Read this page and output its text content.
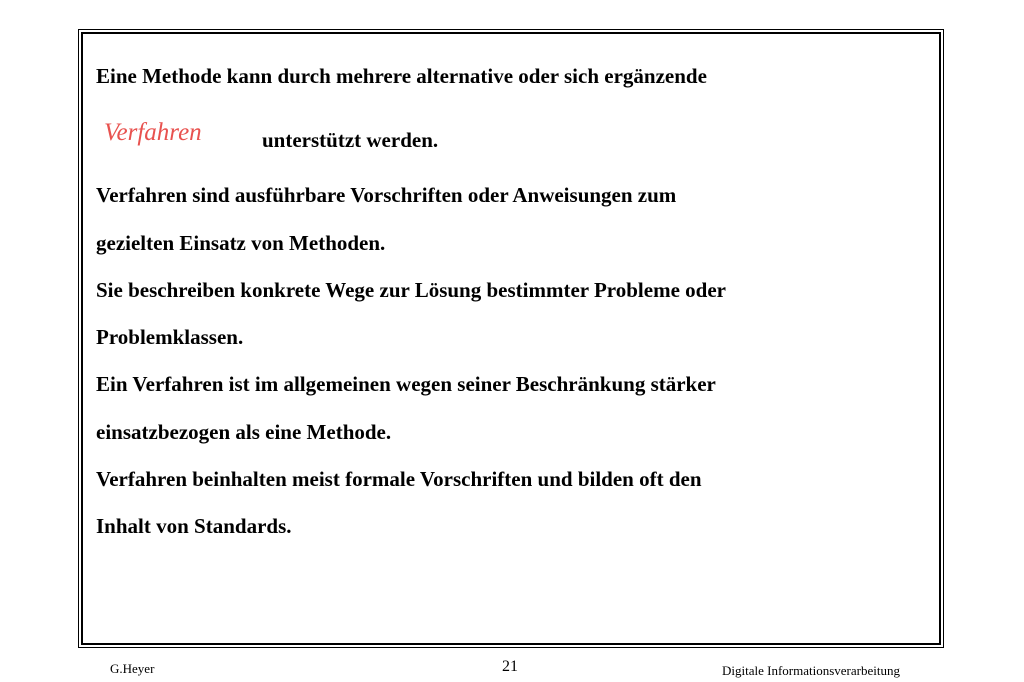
Eine Methode kann durch mehrere alternative oder sich ergänzende
Verfahren	unterstützt werden.
Verfahren sind ausführbare Vorschriften oder Anweisungen zum
gezielten Einsatz von Methoden.
Sie beschreiben konkrete Wege zur Lösung bestimmter Probleme oder
Problemklassen.
Ein Verfahren ist im allgemeinen wegen seiner Beschränkung stärker
einsatzbezogen als eine Methode.
Verfahren beinhalten meist formale Vorschriften und bilden oft den
Inhalt von Standards.
G.Heyer	21	Digitale Informationsverarbeitung
